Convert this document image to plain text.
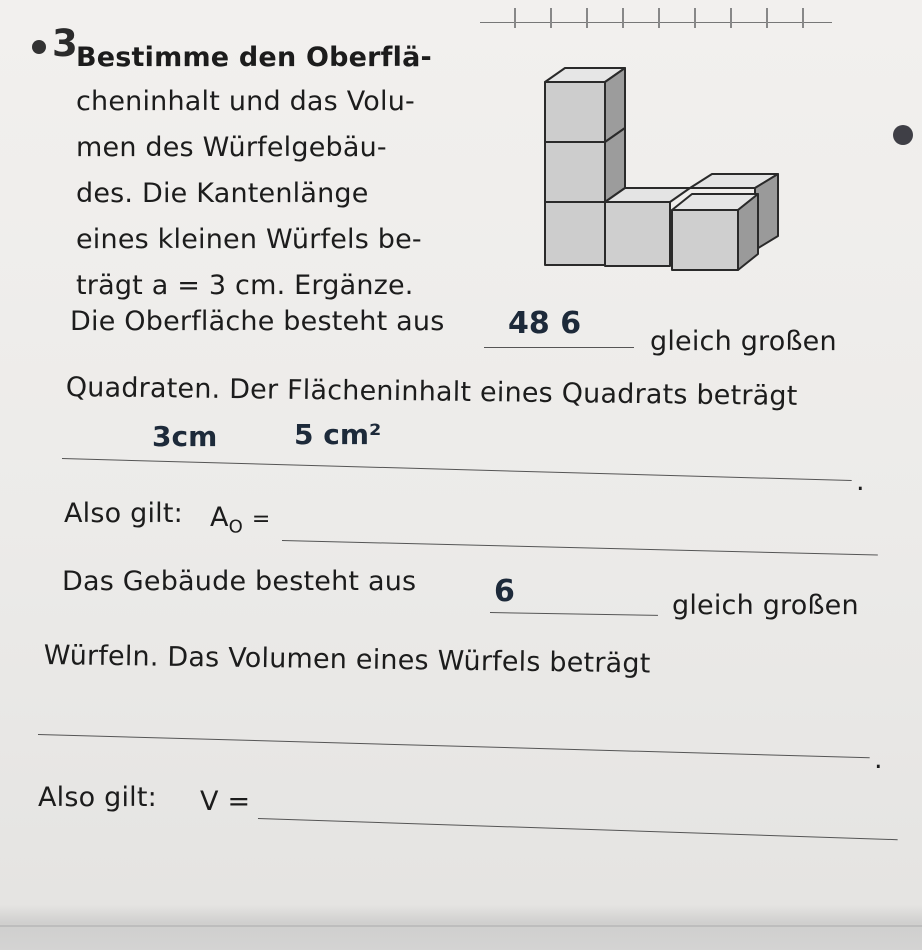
3
Bestimme den Oberflä-
cheninhalt und das Volu-
men des Würfelgebäu-
des. Die Kantenlänge
eines kleinen Würfels be-
trägt a = 3 cm. Ergänze.
Die Oberfläche besteht aus 48 6
gleich großen
Quadraten. Der Flächeninhalt eines Quadrats beträgt
3cm	5 cm²
.
Also gilt: $A_O$ =
Das Gebäude besteht aus	6	gleich großen
Würfeln. Das Volumen eines Würfels beträgt
.
Also gilt: V =
